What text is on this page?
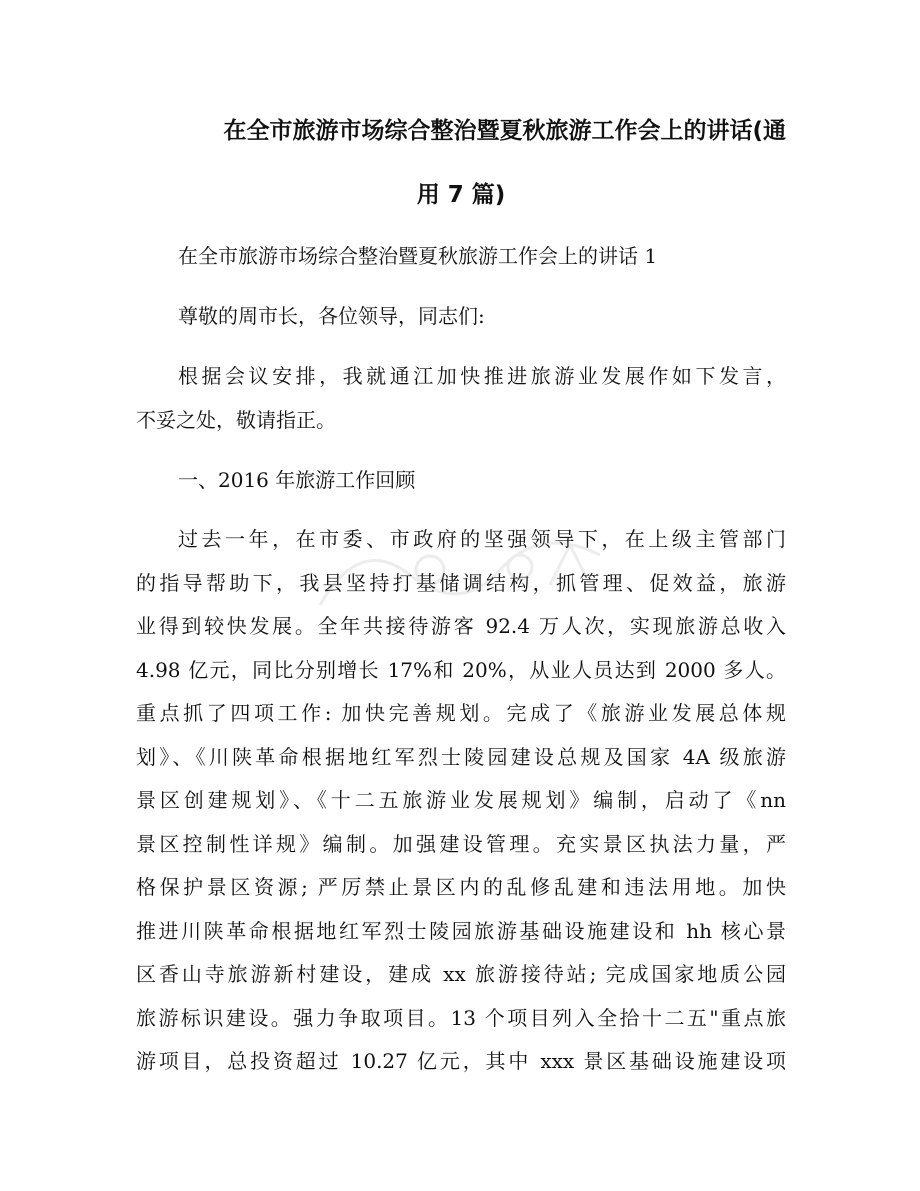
在全市旅游市场综合整治暨夏秋旅游工作会上的讲话(通
用 7 篇)
在全市旅游市场综合整治暨夏秋旅游工作会上的讲话 1
尊敬的周市长，各位领导，同志们:
根据会议安排，我就通江加快推进旅游业发展作如下发言，
不妥之处，敬请指正。
一、2016 年旅游工作回顾
过去一年，在市委、市政府的坚强领导下，在上级主管部门
的指导帮助下，我县坚持打基储调结构，抓管理、促效益，旅游
业得到较快发展。全年共接待游客 92.4 万人次，实现旅游总收入
4.98 亿元，同比分别增长 17%和 20%，从业人员达到 2000 多人。
重点抓了四项工作: 加快完善规划。完成了《旅游业发展总体规
划》、《川陕革命根据地红军烈士陵园建设总规及国家 4A 级旅游
景区创建规划》、《十二五旅游业发展规划》编制，启动了《nn
景区控制性详规》编制。加强建设管理。充实景区执法力量，严
格保护景区资源; 严厉禁止景区内的乱修乱建和违法用地。加快
推进川陕革命根据地红军烈士陵园旅游基础设施建设和 hh 核心景
区香山寺旅游新村建设，建成 xx 旅游接待站; 完成国家地质公园
旅游标识建设。强力争取项目。13 个项目列入全拾十二五"重点旅
游项目，总投资超过 10.27 亿元，其中 xxx 景区基础设施建设项
